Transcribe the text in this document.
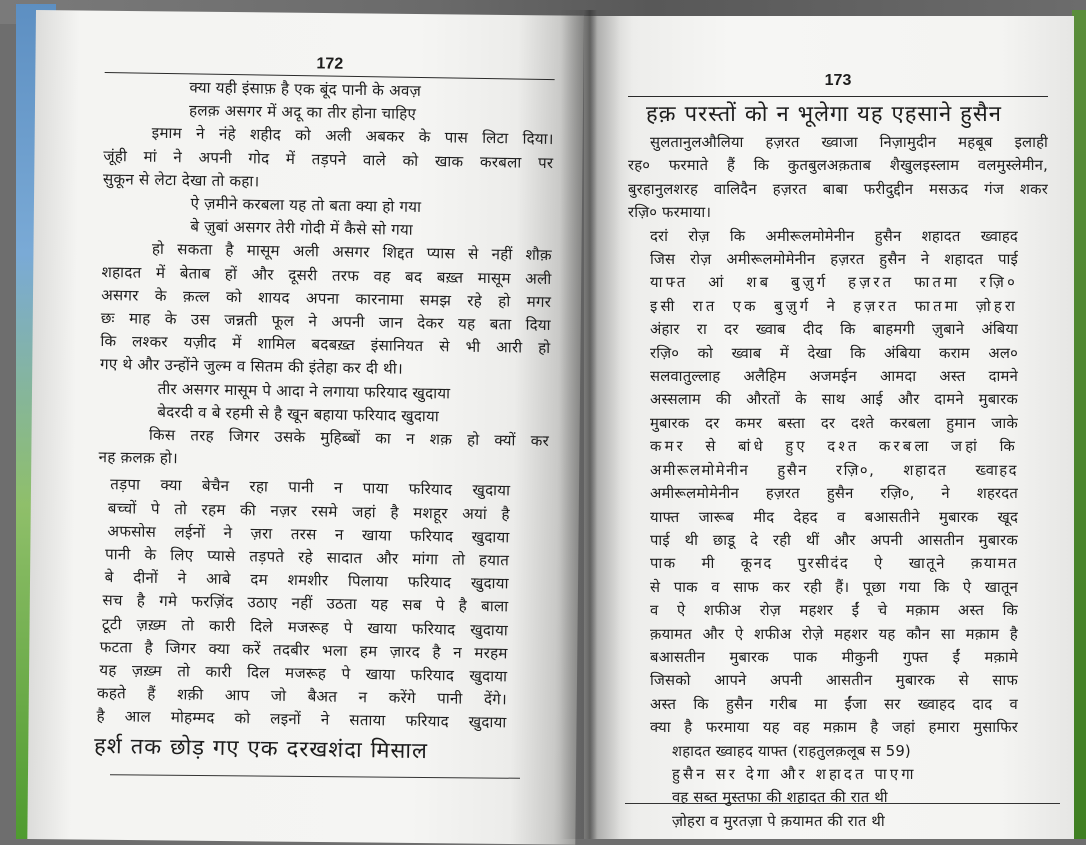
172
क्या यही इंसाफ़ है एक बूंद पानी के अवज़
हलक़ असगर में अदू का तीर होना चाहिए
इमाम ने नंहे शहीद को अली अबकर के पास लिटा दिया।
जूंही मां ने अपनी गोद में तड़पने वाले को खाक करबला पर
सुकून से लेटा देखा तो कहा।
ऐ ज़मीने करबला यह तो बता क्या हो गया
बे ज़ुबां असगर तेरी गोदी में कैसे सो गया
हो सकता है मासूम अली असगर शिद्दत प्यास से नहीं शौक़
शहादत में बेताब हों और दूसरी तरफ वह बद बख़्त मासूम अली
असगर के क़त्ल को शायद अपना कारनामा समझ रहे हो मगर
छः माह के उस जन्नती फूल ने अपनी जान देकर यह बता दिया
कि लश्कर यज़ीद में शामिल बदबख़्त इंसानियत से भी आरी हो
गए थे और उन्होंने जुल्म व सितम की इंतेहा कर दी थी।
तीर असगर मासूम पे आदा ने लगाया फरियाद खुदाया
बेदरदी व बे रहमी से है खून बहाया फरियाद खुदाया
किस तरह जिगर उसके मुहिब्बों का न शक़ हो क्यों कर
नह क़लक़ हो।
तड़पा क्या बेचैन रहा पानी न पाया फरियाद खुदाया
बच्चों पे तो रहम की नज़र रसमे जहां है मशहूर अयां है
अफसोस लईनों ने ज़रा तरस न खाया फरियाद खुदाया
पानी के लिए प्यासे तड़पते रहे सादात और मांगा तो हयात
बे दीनों ने आबे दम शमशीर पिलाया फरियाद खुदाया
सच है गमे फरज़िंद उठाए नहीं उठता यह सब पे है बाला
टूटी ज़ख़्म तो कारी दिले मजरूह पे खाया फरियाद खुदाया
फटता है जिगर क्या करें तदबीर भला हम ज़ारद है न मरहम
यह ज़ख़्म तो कारी दिल मजरूह पे खाया फरियाद खुदाया
कहते हैं शक़ी आप जो बैअत न करेंगे पानी देंगे।
है आल मोहम्मद को लइनों ने सताया फरियाद खुदाया
हर्श तक छोड़ गए एक दरखशंदा मिसाल
173
हक़ परस्तों को न भूलेगा यह एहसाने हुसैन
सुलतानुलऔलिया हज़रत ख्वाजा निज़ामुदीन महबूब इलाही
रह० फरमाते हैं कि कुतबुलअक़ताब शैखुलइस्लाम वलमुस्लेमीन,
बुरहानुलशरह वालिदैन हज़रत बाबा फरीदुद्दीन मसऊद गंज शकर
रज़ि० फरमाया।
दरां रोज़ कि अमीरूलमोमेनीन हुसैन शहादत ख्वाहद
जिस रोज़ अमीरूलमोमेनीन हज़रत हुसैन ने शहादत पाई
याफ्त आं शब बुज़ुर्ग हज़रत फातमा रज़ि०
इसी रात एक बुज़ुर्ग ने हज़रत फातमा ज़ोहरा
अंहार रा दर ख्वाब दीद कि बाहमगी ज़ुबाने अंबिया
रज़ि० को ख्वाब में देखा कि अंबिया कराम अल०
सलवातुल्लाह अलैहिम अजमईन आमदा अस्त दामने
अस्सलाम की औरतों के साथ आई और दामने मुबारक
मुबारक दर कमर बस्ता दर दश्ते करबला हुमान जाके
कमर से बांधे हुए दश्त करबला जहां कि
अमीरूलमोमेनीन हुसैन रज़ि०, शहादत ख्वाहद
अमीरूलमोमेनीन हज़रत हुसैन रज़ि०, ने शहरदत
याफ्त जारूब मीद देहद व बआसतीने मुबारक खूद
पाई थी छाडू दे रही थीं और अपनी आसतीन मुबारक
पाक मी कूनद पुरसीदंद ऐ खातूने क़यामत
से पाक व साफ कर रही हैं। पूछा गया कि ऐ खातून
व ऐ शफीअ रोज़ महशर ईं चे मक़ाम अस्त कि
क़यामत और ऐ शफीअ रोज़े महशर यह कौन सा मक़ाम है
बआसतीन मुबारक पाक मीकुनी गुफ्त ईं मक़ामे
जिसको आपने अपनी आसतीन मुबारक से साफ
अस्त कि हुसैन गरीब मा ईंजा सर ख्वाहद दाद व
क्या है फरमाया यह वह मक़ाम है जहां हमारा मुसाफिर
शहादत ख्वाहद याफ्त (राहतुलक़लूब स 59)
हुसैन सर देगा और शहादत पाएगा
वह सब्त मुस्तफा की शहादत की रात थी
ज़ोहरा व मुरतज़ा पे क़यामत की रात थी
